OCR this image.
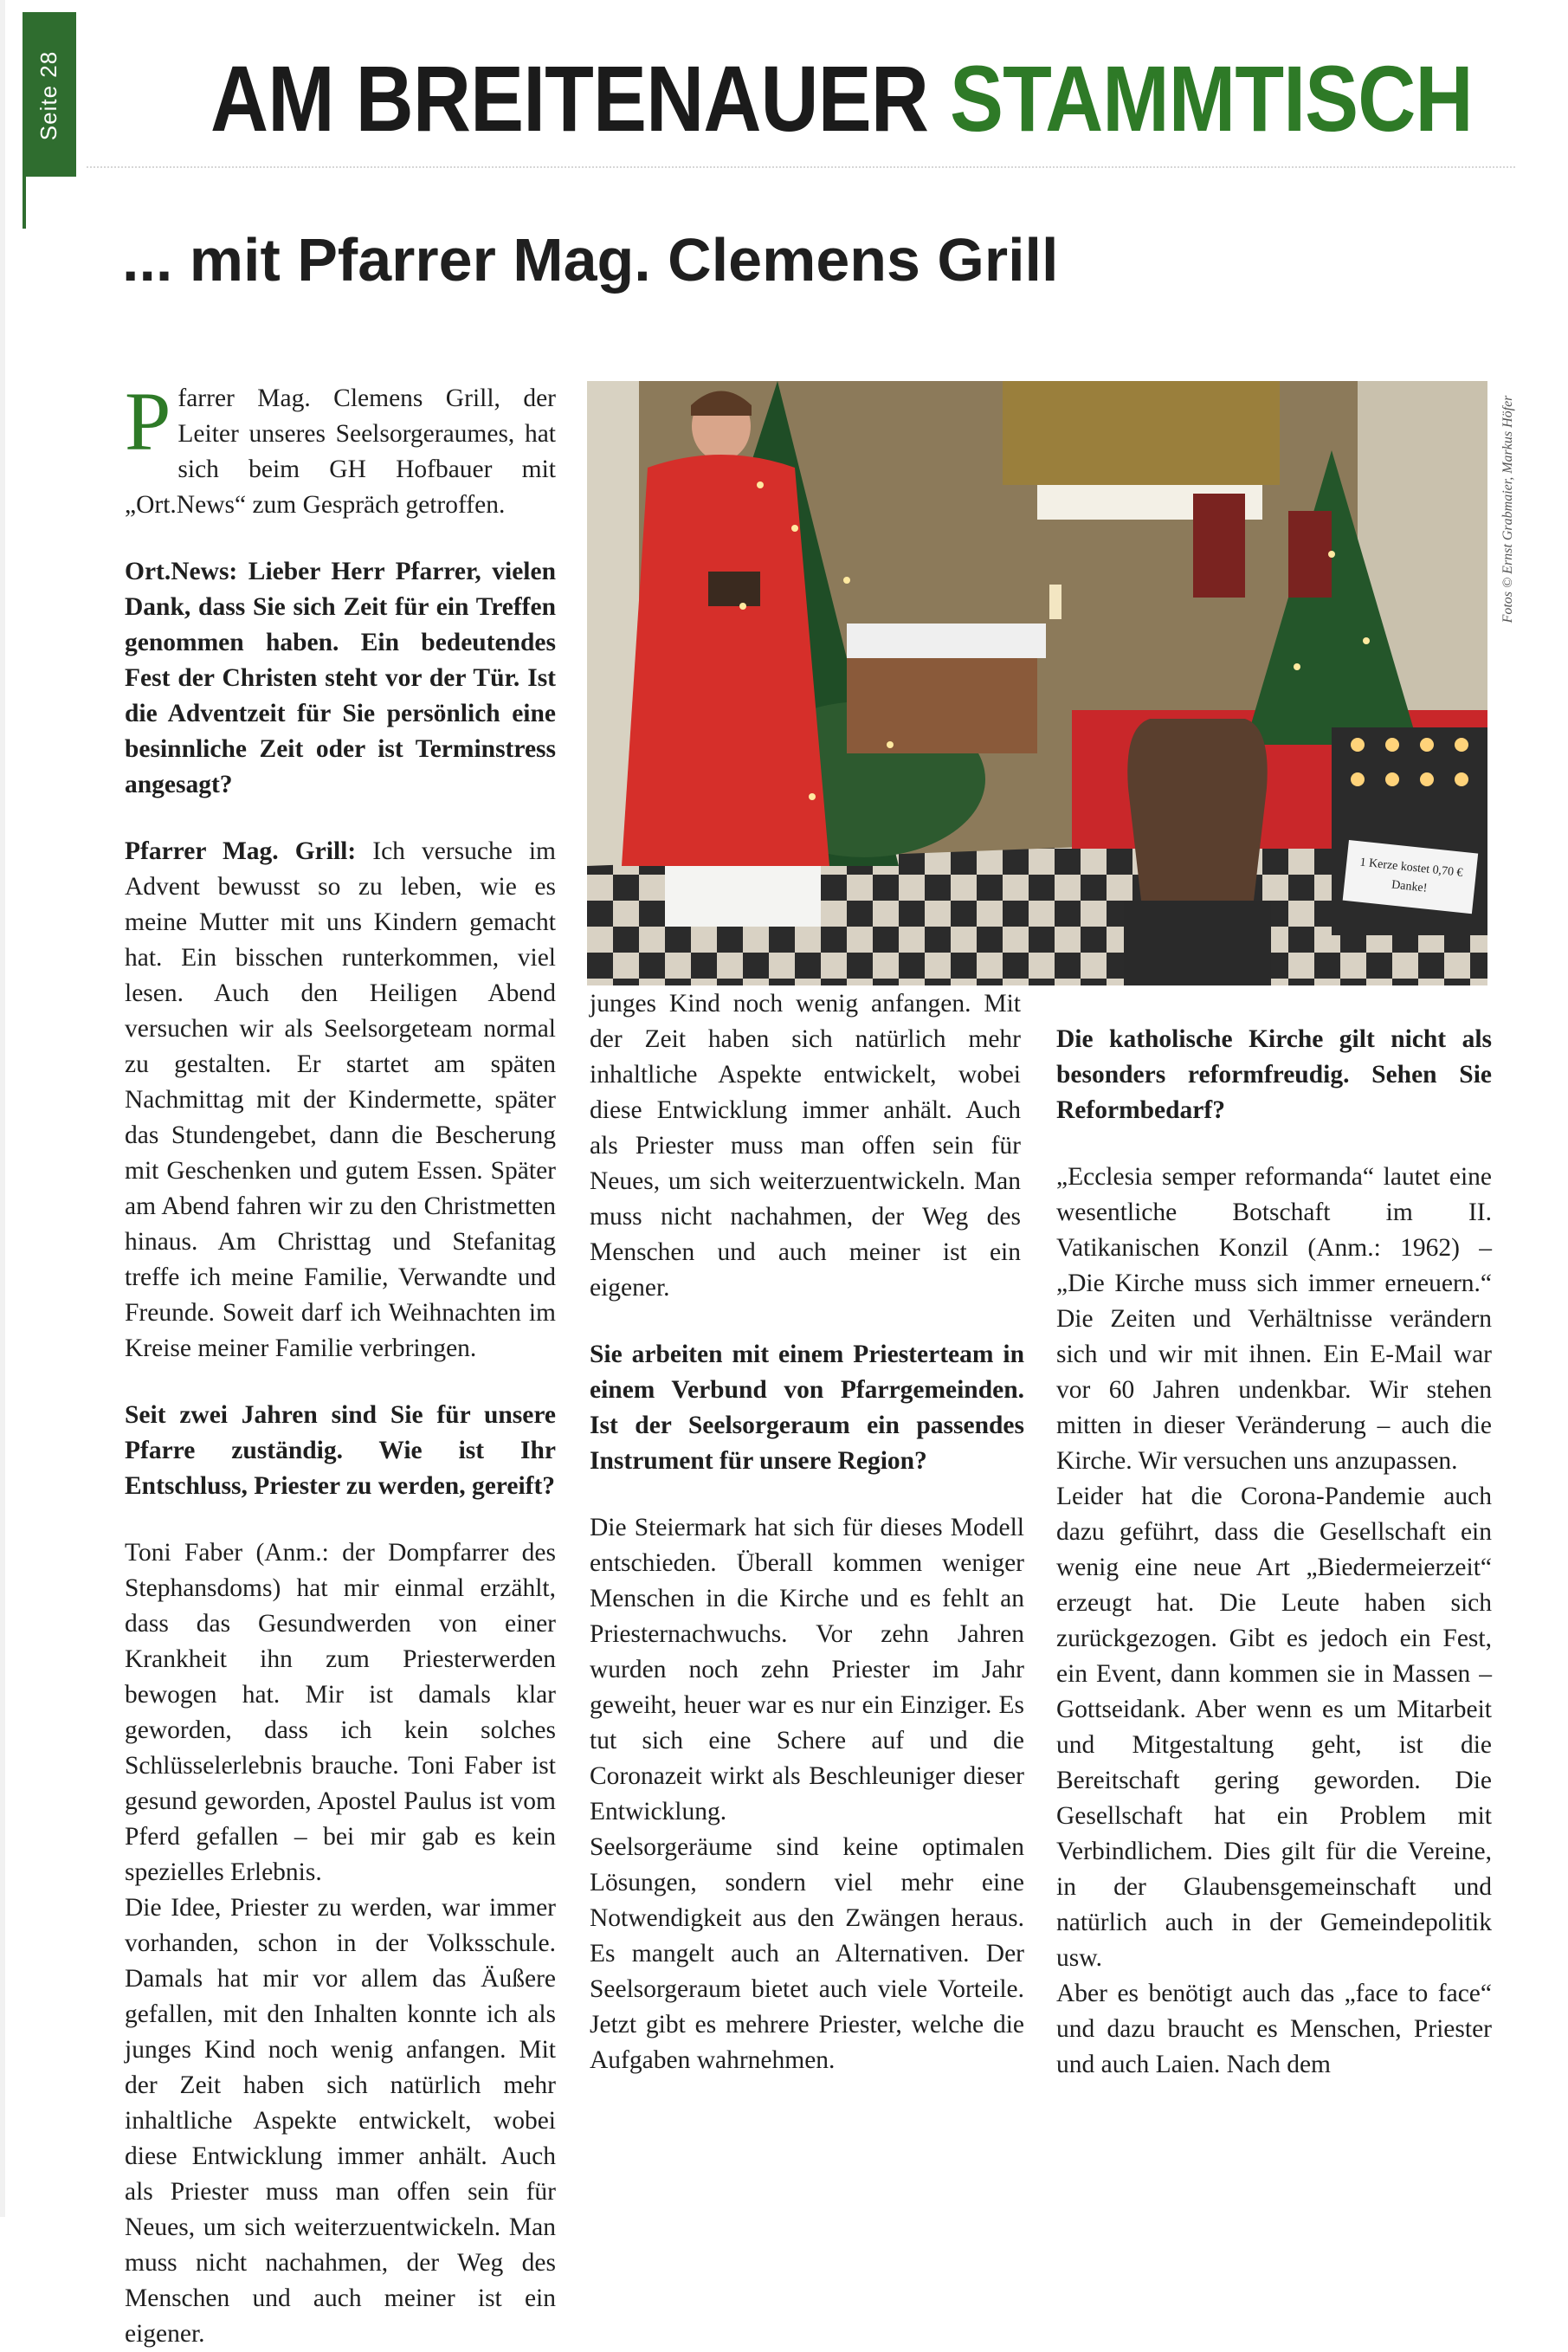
Seite 28 AM BREITENAUER STAMMTISCH
... mit Pfarrer Mag. Clemens Grill

Pfarrer Mag. Clemens Grill, der Leiter unseres Seelsorgeraumes, hat sich beim GH Hofbauer mit „Ort.News“ zum Gespräch getroffen.

Ort.News: Lieber Herr Pfarrer, vielen Dank, dass Sie sich Zeit für ein Treffen genommen haben. Ein bedeutendes Fest der Christen steht vor der Tür. Ist die Adventzeit für Sie persönlich eine besinnliche Zeit oder ist Terminstress angesagt?

Pfarrer Mag. Grill: Ich versuche im Advent bewusst so zu leben, wie es meine Mutter mit uns Kindern gemacht hat. Ein bisschen runterkommen, viel lesen. Auch den Heiligen Abend versuchen wir als Seelsorgeteam normal zu gestalten. Er startet am späten Nachmittag mit der Kindermette, später das Stundengebet, dann die Bescherung mit Geschenken und gutem Essen. Später am Abend fahren wir zu den Christmetten hinaus. Am Christtag und Stefanitag treffe ich meine Familie, Verwandte und Freunde. Soweit darf ich Weihnachten im Kreise meiner Familie verbringen.

Seit zwei Jahren sind Sie für unsere Pfarre zuständig. Wie ist Ihr Entschluss, Priester zu werden, gereift?

Toni Faber (Anm.: der Dompfarrer des Stephansdoms) hat mir einmal erzählt, dass das Gesundwerden von einer Krankheit ihn zum Priesterwerden bewogen hat. Mir ist damals klar geworden, dass ich kein solches Schlüsselerlebnis brauche. Toni Faber ist gesund geworden, Apostel Paulus ist vom Pferd gefallen – bei mir gab es kein spezielles Erlebnis.

Die Idee, Priester zu werden, war immer vorhanden, schon in der Volksschule. Damals hat mir vor allem das Äußere gefallen, mit den Inhalten konnte ich als junges Kind noch wenig anfangen. Mit der Zeit haben sich natürlich mehr inhaltliche Aspekte entwickelt, wobei diese Entwicklung immer anhält. Auch als Priester muss man offen sein für Neues, um sich weiterzuentwickeln. Man muss nicht nachahmen, der Weg des Menschen und auch meiner ist ein eigener.

junges Kind noch wenig anfangen. Mit der Zeit haben sich natürlich mehr inhaltliche Aspekte entwickelt, wobei diese Entwicklung immer anhält. Auch als Priester muss man offen sein für Neues, um sich weiterzuentwickeln. Man muss nicht nachahmen, der Weg des Menschen und auch meiner ist ein eigener.

Sie arbeiten mit einem Priesterteam in einem Verbund von Pfarrgemeinden. Ist der Seelsorgeraum ein passendes Instrument für unsere Region?

Die Steiermark hat sich für dieses Modell entschieden. Überall kommen weniger Menschen in die Kirche und es fehlt an Priesternachwuchs. Vor zehn Jahren wurden noch zehn Priester im Jahr geweiht, heuer war es nur ein Einziger. Es tut sich eine Schere auf und die Coronazeit wirkt als Beschleuniger dieser Entwicklung.

Seelsorgeräume sind keine optimalen Lösungen, sondern viel mehr eine Notwendigkeit aus den Zwängen heraus. Es mangelt auch an Alternativen. Der Seelsorgeraum bietet auch viele Vorteile. Jetzt gibt es mehrere Priester, welche die Aufgaben wahrnehmen.

Die katholische Kirche gilt nicht als besonders reformfreudig. Sehen Sie Reformbedarf?

„Ecclesia semper reformanda“ lautet eine wesentliche Botschaft im II. Vatikanischen Konzil (Anm.: 1962) – „Die Kirche muss sich immer erneuern.“ Die Zeiten und Verhältnisse verändern sich und wir mit ihnen. Ein E-Mail war vor 60 Jahren undenkbar. Wir stehen mitten in dieser Veränderung – auch die Kirche. Wir versuchen uns anzupassen.

Leider hat die Corona-Pandemie auch dazu geführt, dass die Gesellschaft ein wenig eine neue Art „Biedermeierzeit“ erzeugt hat. Die Leute haben sich zurückgezogen. Gibt es jedoch ein Fest, ein Event, dann kommen sie in Massen – Gottseidank. Aber wenn es um Mitarbeit und Mitgestaltung geht, ist die Bereitschaft gering geworden. Die Gesellschaft hat ein Problem mit Verbindlichem. Dies gilt für die Vereine, in der Glaubensgemeinschaft und natürlich auch in der Gemeindepolitik usw.

Aber es benötigt auch das „face to face“ und dazu braucht es Menschen, Priester und auch Laien. Nach dem

1 Kerze kostet 0,70 €
Danke!
Fotos © Ernst Grabmaier, Markus Höfer
